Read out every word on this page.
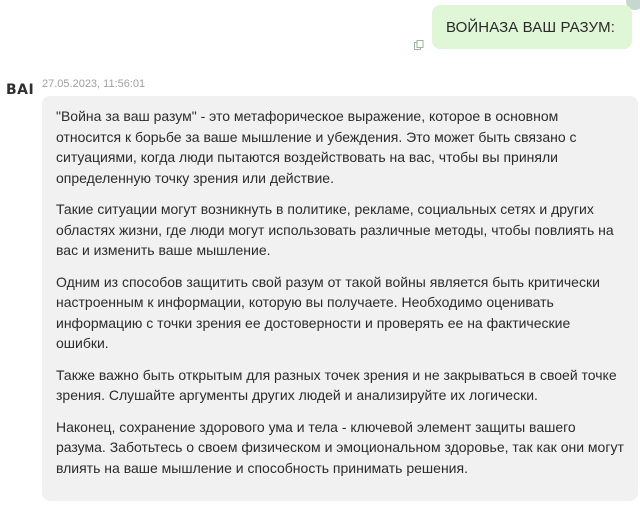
ВОЙНАЗА ВАШ РАЗУМ:
BAI 27.05.2023, 11:56:01

"Война за ваш разум" - это метафорическое выражение, которое в основном относится к борьбе за ваше мышление и убеждения. Это может быть связано с ситуациями, когда люди пытаются воздействовать на вас, чтобы вы приняли определенную точку зрения или действие.

Такие ситуации могут возникнуть в политике, рекламе, социальных сетях и других областях жизни, где люди могут использовать различные методы, чтобы повлиять на вас и изменить ваше мышление.

Одним из способов защитить свой разум от такой войны является быть критически настроенным к информации, которую вы получаете. Необходимо оценивать информацию с точки зрения ее достоверности и проверять ее на фактические ошибки.

Также важно быть открытым для разных точек зрения и не закрываться в своей точке зрения. Слушайте аргументы других людей и анализируйте их логически.

Наконец, сохранение здорового ума и тела - ключевой элемент защиты вашего разума. Заботьтесь о своем физическом и эмоциональном здоровье, так как они могут влиять на ваше мышление и способность принимать решения.
